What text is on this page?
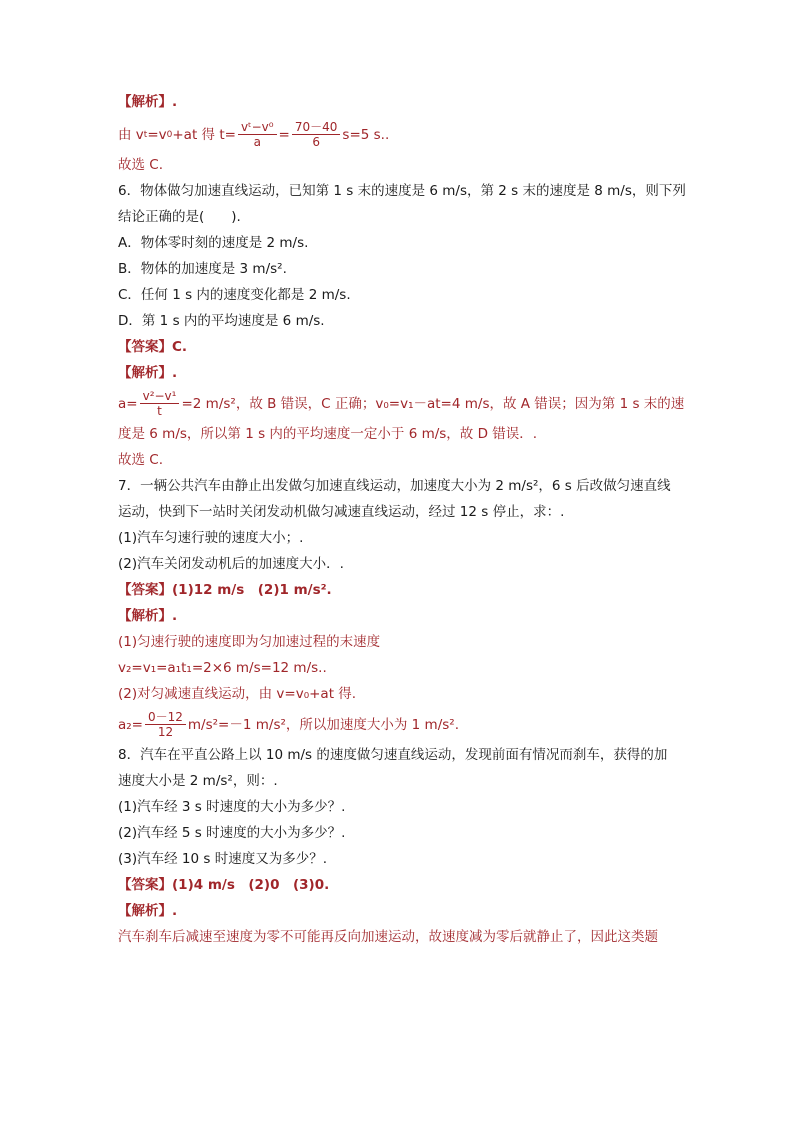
【解析】.

由 v t =v 0 +at 得 $t= \frac{\text{vᵗ−v⁰}}{a} = \frac{70-40}{6} s=5$ s..

故选 C.

6．物体做匀加速直线运动，已知第 1 s 末的速度是 6 m/s，第 2 s 末的速度是 8 m/s，则下列

结论正确的是(　　).

A．物体零时刻的速度是 2 m/s.

B．物体的加速度是 3 m/s².

C．任何 1 s 内的速度变化都是 2 m/s.

D．第 1 s 内的平均速度是 6 m/s.

【答案】C.

【解析】.

$a= \frac{\text{v²−v¹}}{t} =2$ m/s²，故 B 错误，C 正确；v₀=v₁－at=4 m/s，故 A 错误；因为第 1 s 末的速

度是 6 m/s，所以第 1 s 内的平均速度一定小于 6 m/s，故 D 错误．.

故选 C.

7．一辆公共汽车由静止出发做匀加速直线运动，加速度大小为 2 m/s²，6 s 后改做匀速直线

运动，快到下一站时关闭发动机做匀减速直线运动，经过 12 s 停止，求：.

(1)汽车匀速行驶的速度大小；.

(2)汽车关闭发动机后的加速度大小．.

【答案】(1)12 m/s　(2)1 m/s².

【解析】.

(1)匀速行驶的速度即为匀加速过程的末速度

v₂=v₁=a₁t₁=2×6 m/s=12 m/s..

(2)对匀减速直线运动，由 v=v₀+at 得.

$a_2= \frac{0-12}{12} m/s^2=-1$ m/s²，所以加速度大小为 1 m/s².

8．汽车在平直公路上以 10 m/s 的速度做匀速直线运动，发现前面有情况而刹车，获得的加

速度大小是 2 m/s²，则：.

(1)汽车经 3 s 时速度的大小为多少？.

(2)汽车经 5 s 时速度的大小为多少？.

(3)汽车经 10 s 时速度又为多少？.

【答案】(1)4 m/s　(2)0　(3)0.

【解析】.

汽车刹车后减速至速度为零不可能再反向加速运动，故速度减为零后就静止了，因此这类题
